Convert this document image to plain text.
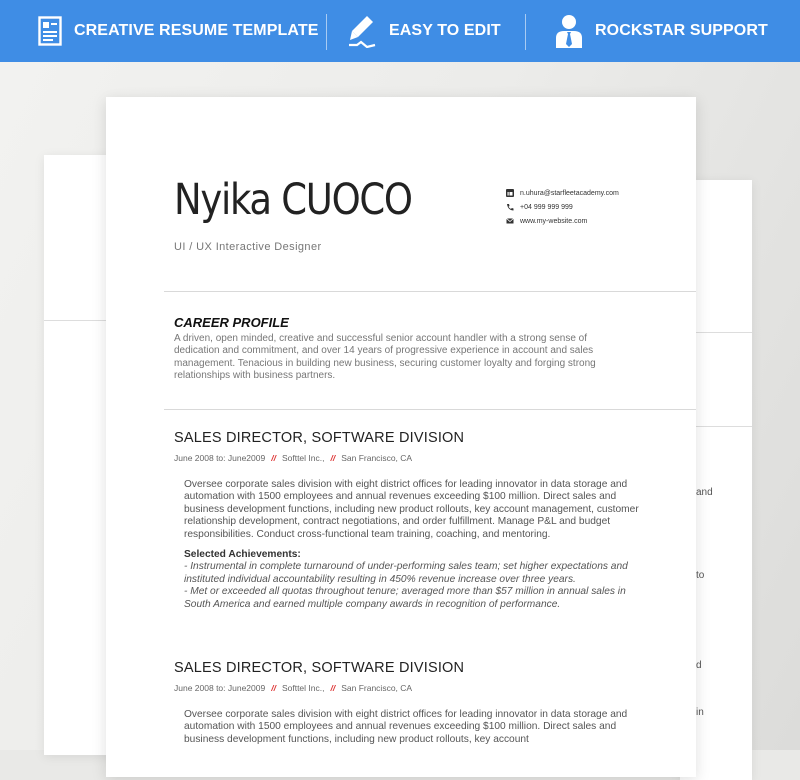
CREATIVE RESUME TEMPLATE	EASY TO EDIT	ROCKSTAR SUPPORT
and
to
d
in
Nyika CUOCO
UI / UX Interactive Designer
n.uhura@starfleetacademy.com
+04 999 999 999
www.my-website.com
CAREER PROFILE
A driven, open minded, creative and successful senior account handler with a strong sense of dedication and commitment, and over 14 years of progressive experience in account and sales management. Tenacious in building new business, securing customer loyalty and forging strong relationships with business partners.
SALES DIRECTOR, SOFTWARE DIVISION
June 2008 to: June2009 // Softtel Inc., // San Francisco, CA
Oversee corporate sales division with eight district offices for leading innovator in data storage and automation with 1500 employees and annual revenues exceeding $100 million. Direct sales and business development functions, including new product rollouts, key account management, customer relationship development, contract negotiations, and order fulfillment. Manage P&L and budget responsibilities. Conduct cross-functional team training, coaching, and mentoring.
Selected Achievements:
- Instrumental in complete turnaround of under-performing sales team; set higher expectations and instituted individual accountability resulting in 450% revenue increase over three years.
- Met or exceeded all quotas throughout tenure; averaged more than $57 million in annual sales in South America and earned multiple company awards in recognition of performance.
SALES DIRECTOR, SOFTWARE DIVISION
June 2008 to: June2009 // Softtel Inc., // San Francisco, CA
Oversee corporate sales division with eight district offices for leading innovator in data storage and automation with 1500 employees and annual revenues exceeding $100 million. Direct sales and business development functions, including new product rollouts, key account
